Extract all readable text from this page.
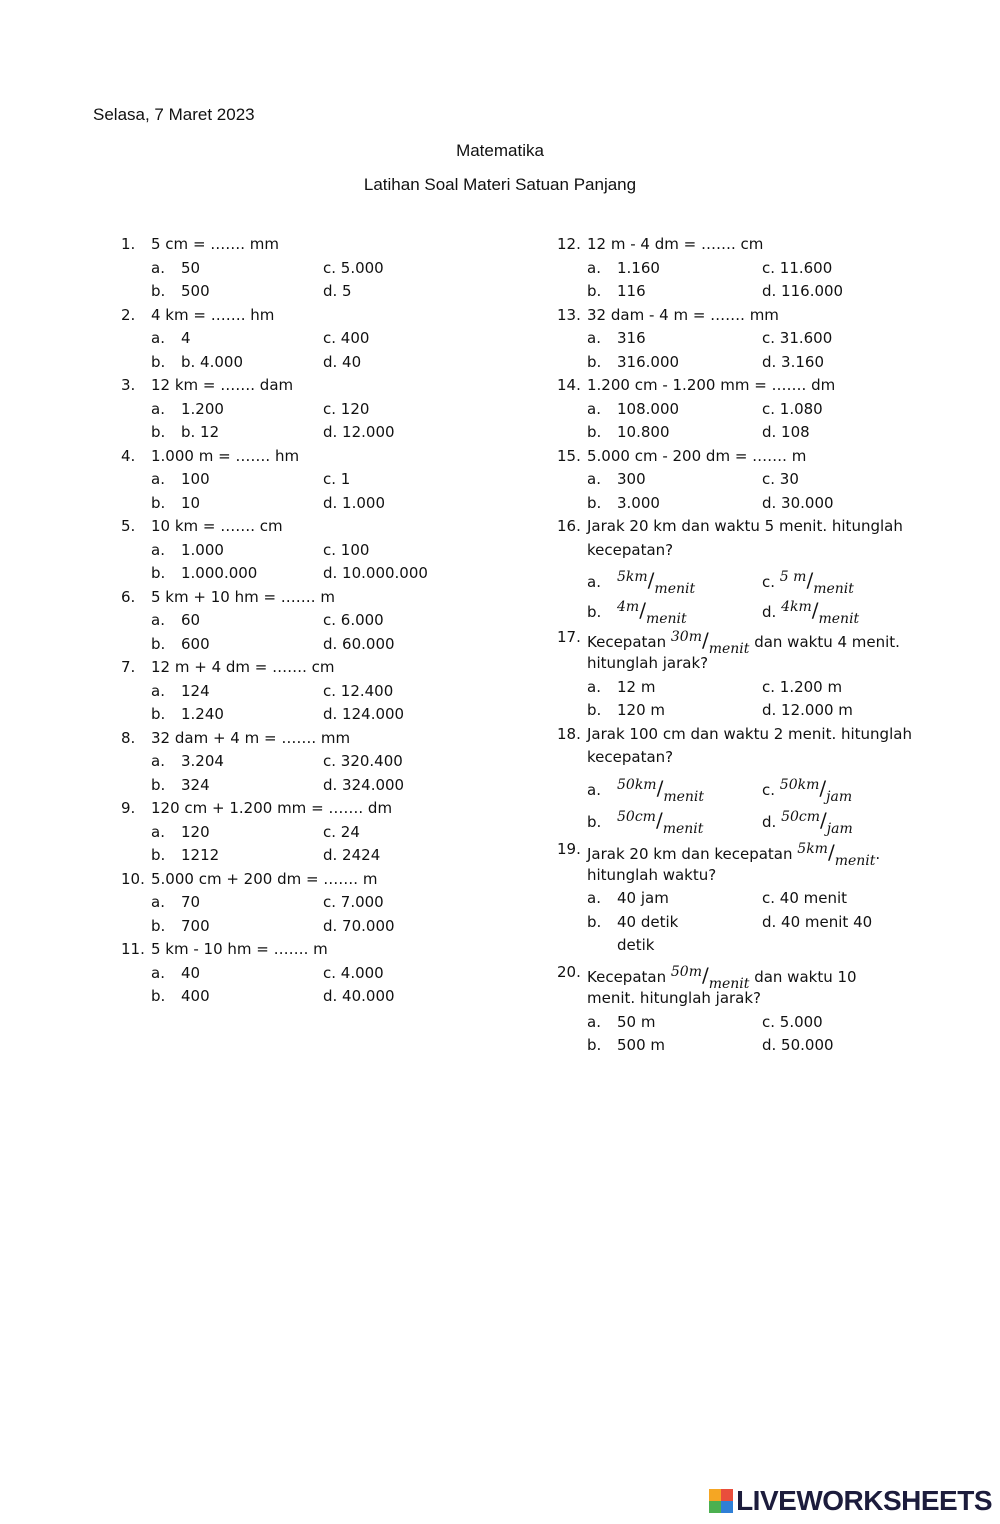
Selasa, 7 Maret 2023
Matematika
Latihan Soal Materi Satuan Panjang
1.	5 cm = ……. mm
a. 50	c. 5.000
b. 500	d. 5
2.	4 km = ……. hm
a. 4	c. 400
b. b. 4.000	d. 40
3.	12 km = ……. dam
a. 1.200	c. 120
b. b. 12	d. 12.000
4.	1.000 m = ……. hm
a. 100	c. 1
b. 10	d. 1.000
5.	10 km = ……. cm
a. 1.000	c. 100
b. 1.000.000	d. 10.000.000
6.	5 km + 10 hm = ……. m
a. 60	c. 6.000
b. 600	d. 60.000
7.	12 m + 4 dm = ……. cm
a. 124	c. 12.400
b. 1.240	d. 124.000
8.	32 dam + 4 m = ……. mm
a. 3.204	c. 320.400
b. 324	d. 324.000
9.	120 cm + 1.200 mm = ……. dm
a. 120	c. 24
b. 1212	d. 2424
10. 5.000 cm + 200 dm = ……. m
a. 70	c. 7.000
b. 700	d. 70.000
11. 5 km - 10 hm = ……. m
a. 40	c. 4.000
b. 400	d. 40.000
12. 12 m - 4 dm = ……. cm
a. 1.160	c. 11.600
b. 116	d. 116.000
13. 32 dam - 4 m = ……. mm
a. 316	c. 31.600
b. 316.000	d. 3.160
14. 1.200 cm - 1.200 mm = ……. dm
a. 108.000	c. 1.080
b. 10.800	d. 108
15. 5.000 cm - 200 dm = ……. m
a. 300	c. 30
b. 3.000	d. 30.000
16. Jarak 20 km dan waktu 5 menit. hitunglah
kecepatan?
a. $^{5km}/_{menit}$	c. $^{5 m}/_{menit}$
b. $^{4m}/_{menit}$	d. $^{4km}/_{menit}$
17. Kecepatan $^{30m}/_{menit}$ dan waktu 4 menit.
hitunglah jarak?
a. 12 m	c. 1.200 m
b. 120 m	d. 12.000 m
18. Jarak 100 cm dan waktu 2 menit. hitunglah
kecepatan?
a. $^{50km}/_{menit}$	c. $^{50km}/_{jam}$
b. $^{50cm}/_{menit}$	d. $^{50cm}/_{jam}$
19. Jarak 20 km dan kecepatan $^{5km}/_{menit}$.
hitunglah waktu?
a. 40 jam	c. 40 menit
b. 40 detik	d. 40 menit 40
detik
20. Kecepatan $^{50m}/_{menit}$ dan waktu 10
menit. hitunglah jarak?
a. 50 m	c. 5.000
b. 500 m	d. 50.000
LIVEWORKSHEETS
